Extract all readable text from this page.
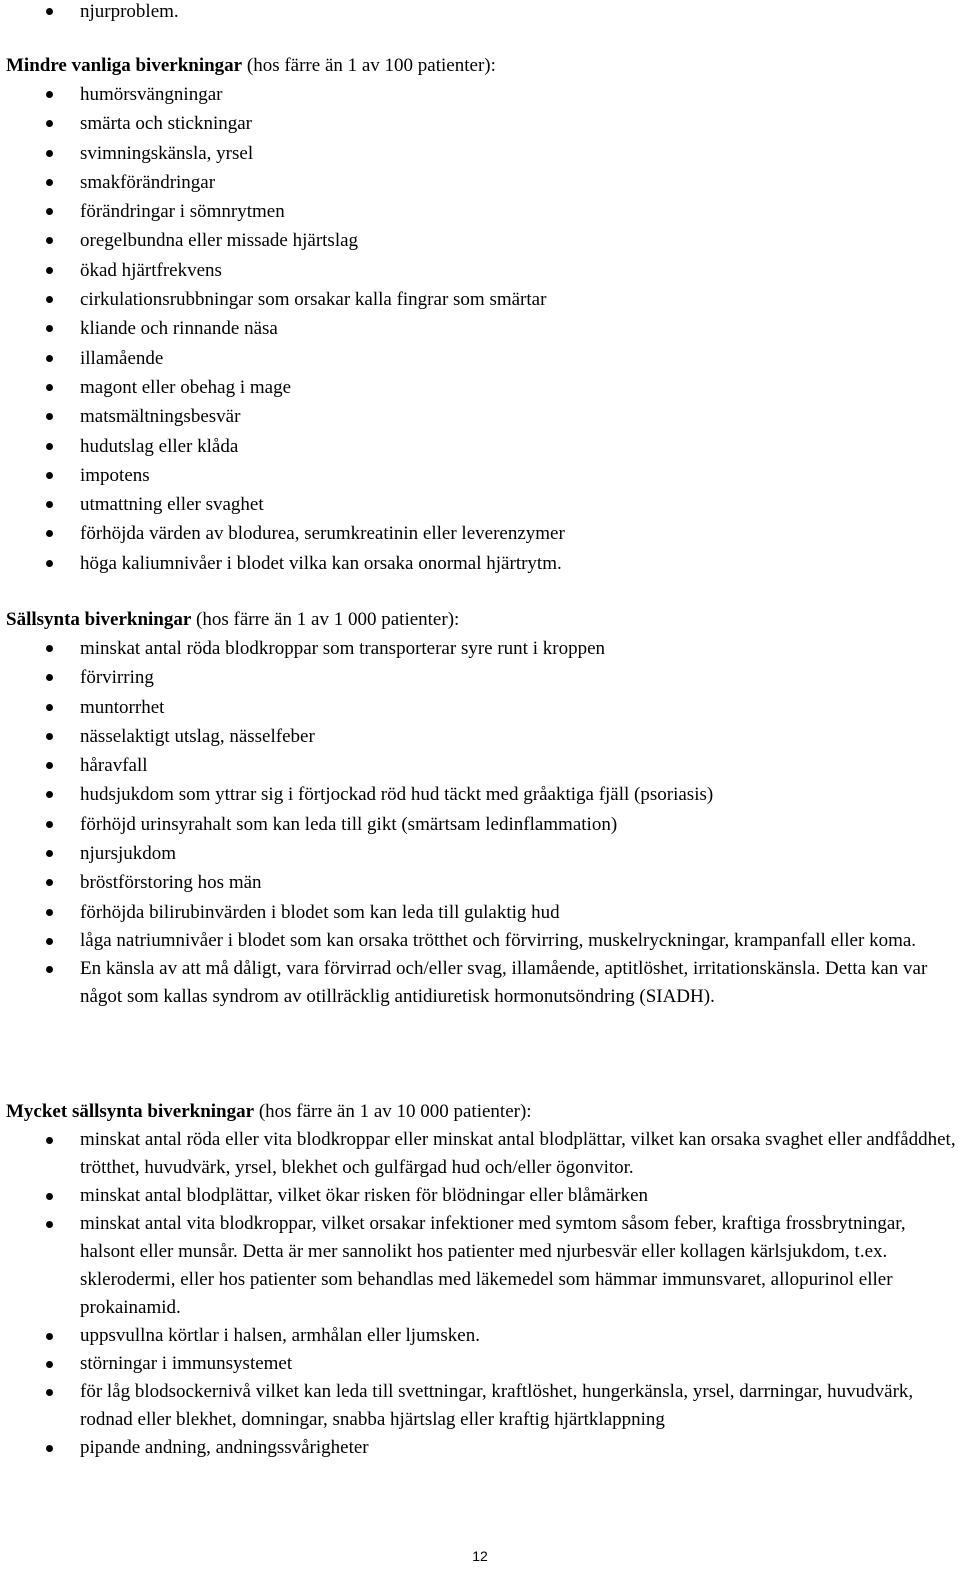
njurproblem.
Mindre vanliga biverkningar (hos färre än 1 av 100 patienter):
humörsvängningar
smärta och stickningar
svimningskänsla, yrsel
smakförändringar
förändringar i sömnrytmen
oregelbundna eller missade hjärtslag
ökad hjärtfrekvens
cirkulationsrubbningar som orsakar kalla fingrar som smärtar
kliande och rinnande näsa
illamående
magont eller obehag i mage
matsmältningsbesvär
hudutslag eller klåda
impotens
utmattning eller svaghet
förhöjda värden av blodurea, serumkreatinin eller leverenzymer
höga kaliumnivåer i blodet vilka kan orsaka onormal hjärtrytm.
Sällsynta biverkningar (hos färre än 1 av 1 000 patienter):
minskat antal röda blodkroppar som transporterar syre runt i kroppen
förvirring
muntorrhet
nässelaktigt utslag, nässelfeber
håravfall
hudsjukdom som yttrar sig i förtjockad röd hud täckt med gråaktiga fjäll (psoriasis)
förhöjd urinsyrahalt som kan leda till gikt (smärtsam ledinflammation)
njursjukdom
bröstförstoring hos män
förhöjda bilirubinvärden i blodet som kan leda till gulaktig hud
låga natriumnivåer i blodet som kan orsaka trötthet och förvirring, muskelryckningar, krampanfall eller koma.
En känsla av att må dåligt, vara förvirrad och/eller svag, illamående, aptitlöshet, irritationskänsla. Detta kan var något som kallas syndrom av otillräcklig antidiuretisk hormonutsöndring (SIADH).
Mycket sällsynta biverkningar (hos färre än 1 av 10 000 patienter):
minskat antal röda eller vita blodkroppar eller minskat antal blodplättar, vilket kan orsaka svaghet eller andfåddhet, trötthet, huvudvärk, yrsel, blekhet och gulfärgad hud och/eller ögonvitor.
minskat antal blodplättar, vilket ökar risken för blödningar eller blåmärken
minskat antal vita blodkroppar, vilket orsakar infektioner med symtom såsom feber, kraftiga frossbrytningar, halsont eller munsår. Detta är mer sannolikt hos patienter med njurbesvär eller kollagen kärlsjukdom, t.ex. sklerodermi, eller hos patienter som behandlas med läkemedel som hämmar immunsvaret, allopurinol eller prokainamid.
uppsvullna körtlar i halsen, armhålan eller ljumsken.
störningar i immunsystemet
för låg blodsockernivå vilket kan leda till svettningar, kraftlöshet, hungerkänsla, yrsel, darrningar, huvudvärk, rodnad eller blekhet, domningar, snabba hjärtslag eller kraftig hjärtklappning
pipande andning, andningssvårigheter
12
